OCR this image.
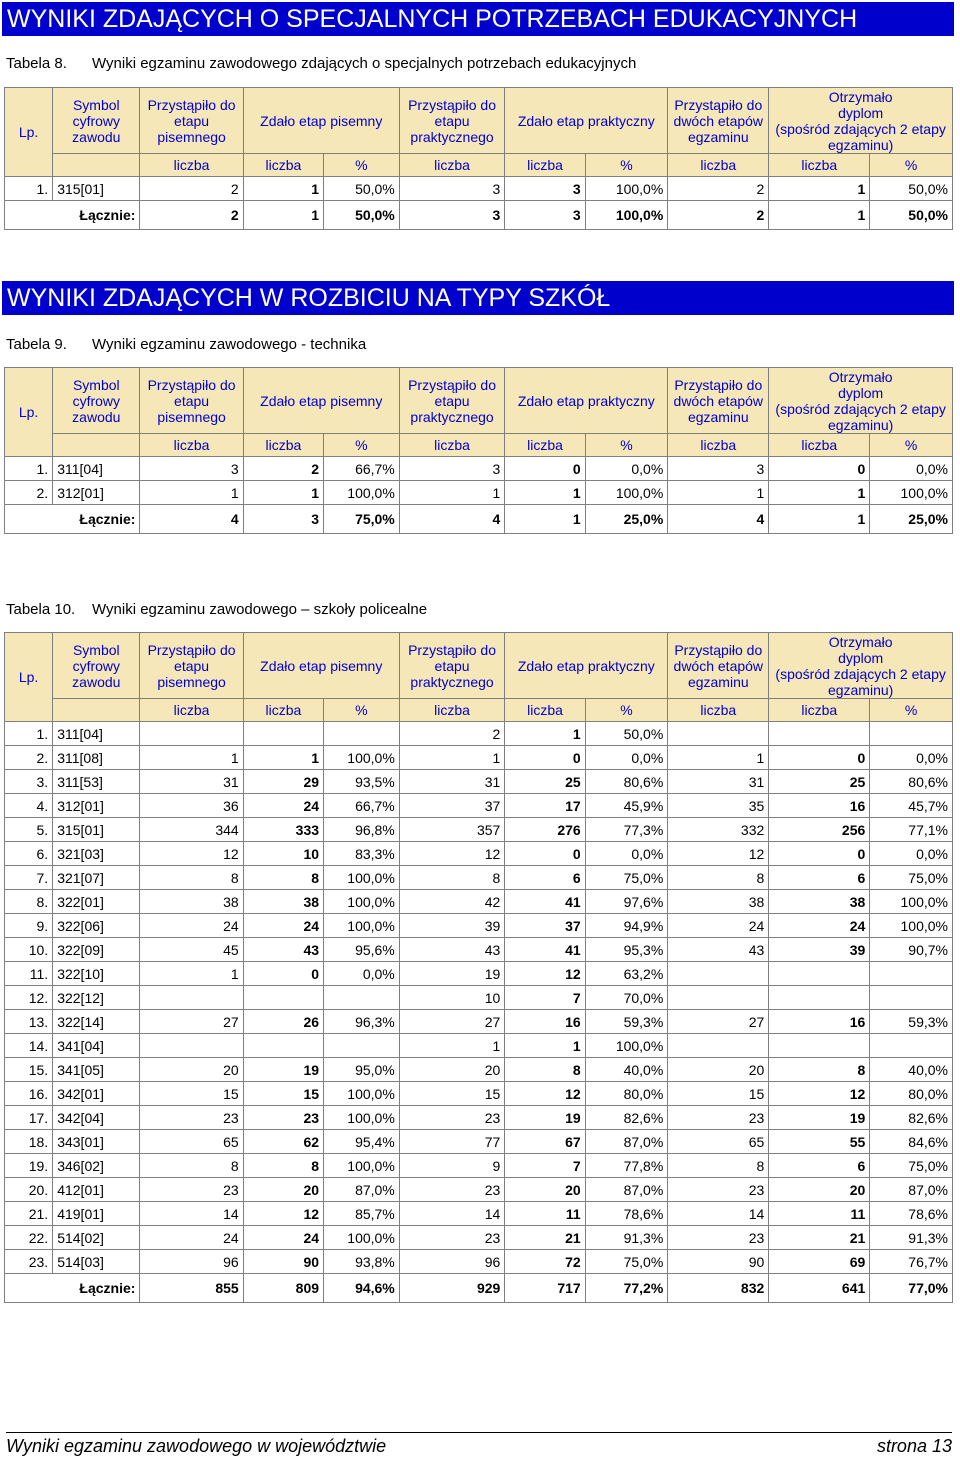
WYNIKI ZDAJĄCYCH O SPECJALNYCH POTRZEBACH EDUKACYJNYCH
Tabela 8. Wyniki egzaminu zawodowego zdających o specjalnych potrzebach edukacyjnych
Lp.	Symbol cyfrowy zawodu	Przystąpiło do etapu pisemnego	Zdało etap pisemny		Przystąpiło do etapu praktycznego	Zdało etap praktyczny		Przystąpiło do dwóch etapów egzaminu	Otrzymało dyplom
(spośród zdających 2 etapy egzaminu)	

		liczba	liczba	%	liczba	liczba	%	liczba	liczba	%
1.	315[01]	2	1	50,0%	3	3	100,0%	2	1	50,0%
Łącznie:		2	1	50,0%	3	3	100,0%	2	1	50,0%
WYNIKI ZDAJĄCYCH W ROZBICIU NA TYPY SZKÓŁ
Tabela 9. Wyniki egzaminu zawodowego - technika
Lp.	Symbol cyfrowy zawodu	Przystąpiło do etapu pisemnego	Zdało etap pisemny		Przystąpiło do etapu praktycznego	Zdało etap praktyczny		Przystąpiło do dwóch etapów egzaminu	Otrzymało dyplom
(spośród zdających 2 etapy egzaminu)	

		liczba	liczba	%	liczba	liczba	%	liczba	liczba	%
1.	311[04]	3	2	66,7%	3	0	0,0%	3	0	0,0%
2.	312[01]	1	1	100,0%	1	1	100,0%	1	1	100,0%
Łącznie:		4	3	75,0%	4	1	25,0%	4	1	25,0%
Tabela 10. Wyniki egzaminu zawodowego – szkoły policealne
Lp.	Symbol cyfrowy zawodu	Przystąpiło do etapu pisemnego	Zdało etap pisemny		Przystąpiło do etapu praktycznego	Zdało etap praktyczny		Przystąpiło do dwóch etapów egzaminu	Otrzymało dyplom
(spośród zdających 2 etapy egzaminu)	

		liczba	liczba	%	liczba	liczba	%	liczba	liczba	%
1.	311[04]				2	1	50,0%			
2.	311[08]	1	1	100,0%	1	0	0,0%	1	0	0,0%
3.	311[53]	31	29	93,5%	31	25	80,6%	31	25	80,6%
4.	312[01]	36	24	66,7%	37	17	45,9%	35	16	45,7%
5.	315[01]	344	333	96,8%	357	276	77,3%	332	256	77,1%
6.	321[03]	12	10	83,3%	12	0	0,0%	12	0	0,0%
7.	321[07]	8	8	100,0%	8	6	75,0%	8	6	75,0%
8.	322[01]	38	38	100,0%	42	41	97,6%	38	38	100,0%
9.	322[06]	24	24	100,0%	39	37	94,9%	24	24	100,0%
10.	322[09]	45	43	95,6%	43	41	95,3%	43	39	90,7%
11.	322[10]	1	0	0,0%	19	12	63,2%			
12.	322[12]				10	7	70,0%			
13.	322[14]	27	26	96,3%	27	16	59,3%	27	16	59,3%
14.	341[04]				1	1	100,0%			
15.	341[05]	20	19	95,0%	20	8	40,0%	20	8	40,0%
16.	342[01]	15	15	100,0%	15	12	80,0%	15	12	80,0%
17.	342[04]	23	23	100,0%	23	19	82,6%	23	19	82,6%
18.	343[01]	65	62	95,4%	77	67	87,0%	65	55	84,6%
19.	346[02]	8	8	100,0%	9	7	77,8%	8	6	75,0%
20.	412[01]	23	20	87,0%	23	20	87,0%	23	20	87,0%
21.	419[01]	14	12	85,7%	14	11	78,6%	14	11	78,6%
22.	514[02]	24	24	100,0%	23	21	91,3%	23	21	91,3%
23.	514[03]	96	90	93,8%	96	72	75,0%	90	69	76,7%
Łącznie:		855	809	94,6%	929	717	77,2%	832	641	77,0%
Wyniki egzaminu zawodowego w województwie	strona 13
